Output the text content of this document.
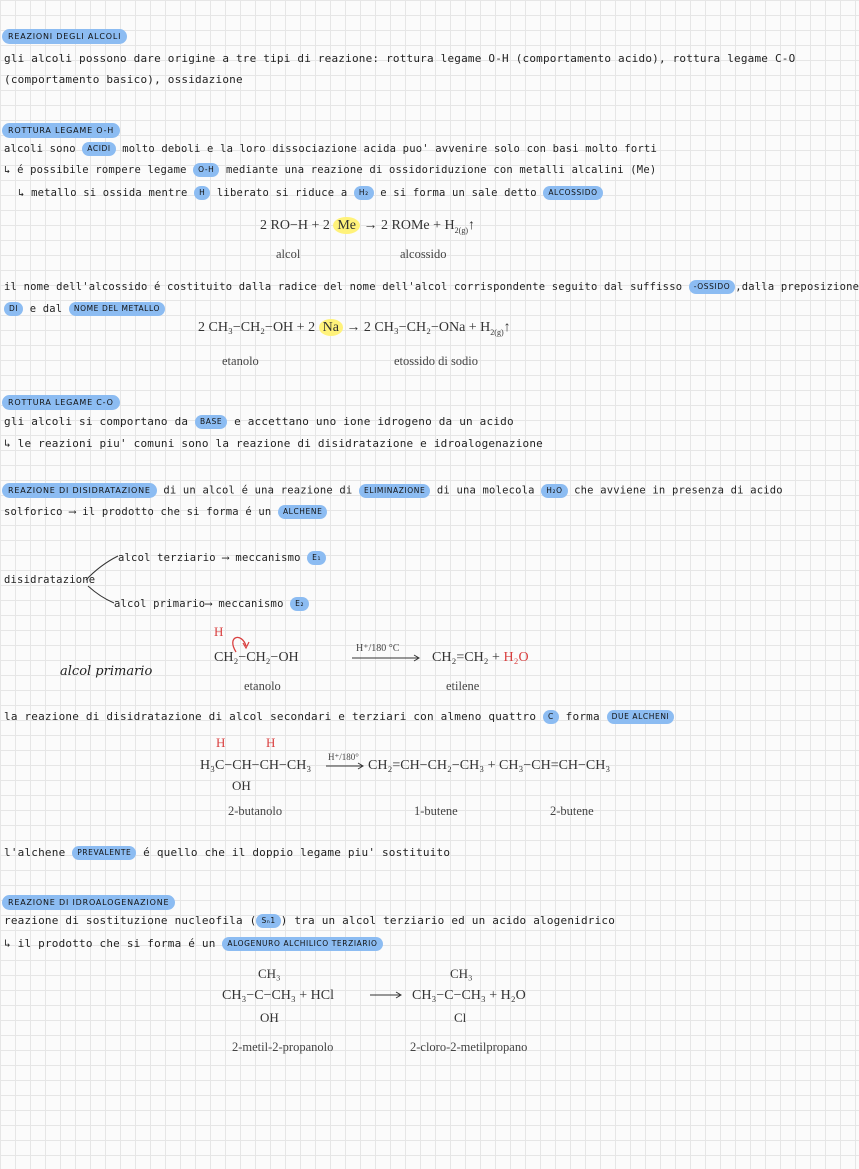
REAZIONI DEGLI ALCOLI
gli alcoli possono dare origine a tre tipi di reazione: rottura legame O-H (comportamento acido), rottura legame C-O
(comportamento basico), ossidazione
ROTTURA LEGAME O-H
alcoli sono ACIDI molto deboli e la loro dissociazione acida puo' avvenire solo con basi molto forti
↳ é possibile rompere legame O-H mediante una reazione di ossidoriduzione con metalli alcalini (Me)
↳ metallo si ossida mentre H liberato si riduce a H₂ e si forma un sale detto ALCOSSIDO
2 RO−H + 2 Me → 2 ROMe + $H_{2(g)}↑$
alcol	alcossido
il nome dell'alcossido é costituito dalla radice del nome dell'alcol corrispondente seguito dal suffisso -OSSIDO ,dalla preposizione
DI e dal NOME DEL METALLO
2 CH₃−CH₂−OH + 2 Na → 2 $CH_3-CH_2-ONa + H_{2(g)}↑$
etanolo	etossido di sodio
ROTTURA LEGAME C-O
gli alcoli si comportano da BASE e accettano uno ione idrogeno da un acido
↳ le reazioni piu' comuni sono la reazione di disidratazione e idroalogenazione
REAZIONE DI DISIDRATAZIONE di un alcol é una reazione di ELIMINAZIONE di una molecola H₂O che avviene in presenza di acido
solforico ⟶ il prodotto che si forma é un ALCHENE
disidratazione
alcol terziario ⟶ meccanismo E₁
alcol primario⟶ meccanismo E₂
alcol primario
H
CH₂−CH₂−OH
H⁺/180 °C
CH₂=CH₂ + H₂O
etanolo	etilene
la reazione di disidratazione di alcol secondari e terziari con almeno quattro C forma DUE ALCHENI
H	H
H₃C−CH−CH−CH₃
OH
H⁺/180°
CH₂=CH−CH₂−CH₃ + CH₃−CH=CH−CH₃
2-butanolo	1-butene	2-butene
l'alchene PREVALENTE é quello che il doppio legame piu' sostituito
REAZIONE DI IDROALOGENAZIONE
reazione di sostituzione nucleofila ( Sₙ1 ) tra un alcol terziario ed un acido alogenidrico
↳ il prodotto che si forma é un ALOGENURO ALCHILICO TERZIARIO
CH₃
CH₃−C−CH₃ + HCl
OH
CH₃
CH₃−C−CH₃ + H₂O
Cl
2-metil-2-propanolo	2-cloro-2-metilpropano
